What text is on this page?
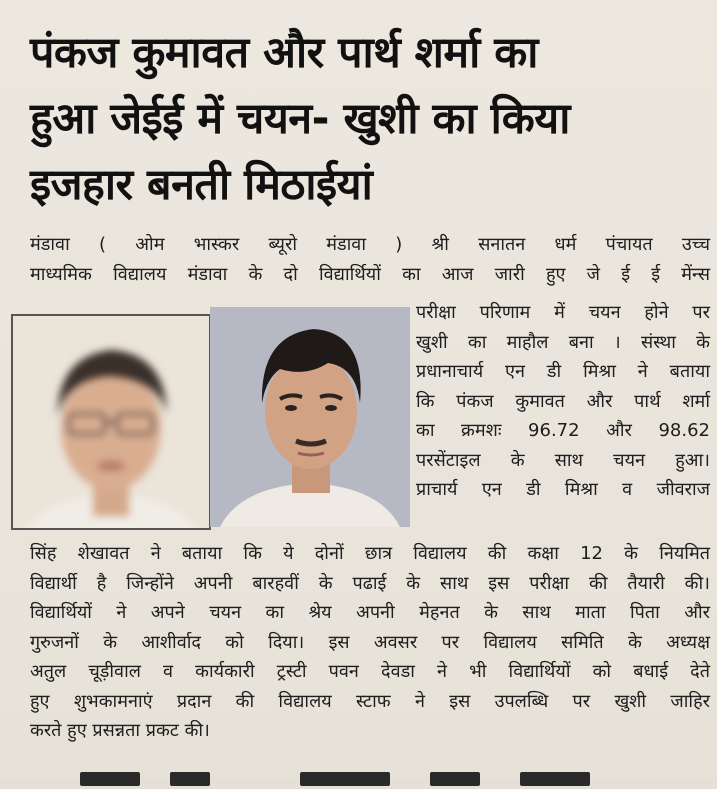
पंकज कुमावत और पार्थ शर्मा का
हुआ जेईई में चयन- खुशी का किया
इजहार बनती मिठाईयां
मंडावा ( ओम भास्कर ब्यूरो मंडावा ) श्री सनातन धर्म पंचायत उच्च
माध्यमिक विद्यालय मंडावा के दो विद्यार्थियों का आज जारी हुए जे ई ई मेंन्स
परीक्षा परिणाम में चयन होने पर
खुशी का माहौल बना । संस्था के
प्रधानाचार्य एन डी मिश्रा ने बताया
कि पंकज कुमावत और पार्थ शर्मा
का क्रमशः 96.72 और 98.62
परसेंटाइल के साथ चयन हुआ।
प्राचार्य एन डी मिश्रा व जीवराज
सिंह शेखावत ने बताया कि ये दोनों छात्र विद्यालय की कक्षा 12 के नियमित
विद्यार्थी है जिन्होंने अपनी बारहवीं के पढाई के साथ इस परीक्षा की तैयारी की।
विद्यार्थियों ने अपने चयन का श्रेय अपनी मेहनत के साथ माता पिता और
गुरुजनों के आशीर्वाद को दिया। इस अवसर पर विद्यालय समिति के अध्यक्ष
अतुल चूड़ीवाल व कार्यकारी ट्रस्टी पवन देवडा ने भी विद्यार्थियों को बधाई देते
हुए शुभकामनाएं प्रदान की विद्यालय स्टाफ ने इस उपलब्धि पर खुशी जाहिर
करते हुए प्रसन्नता प्रकट की।
